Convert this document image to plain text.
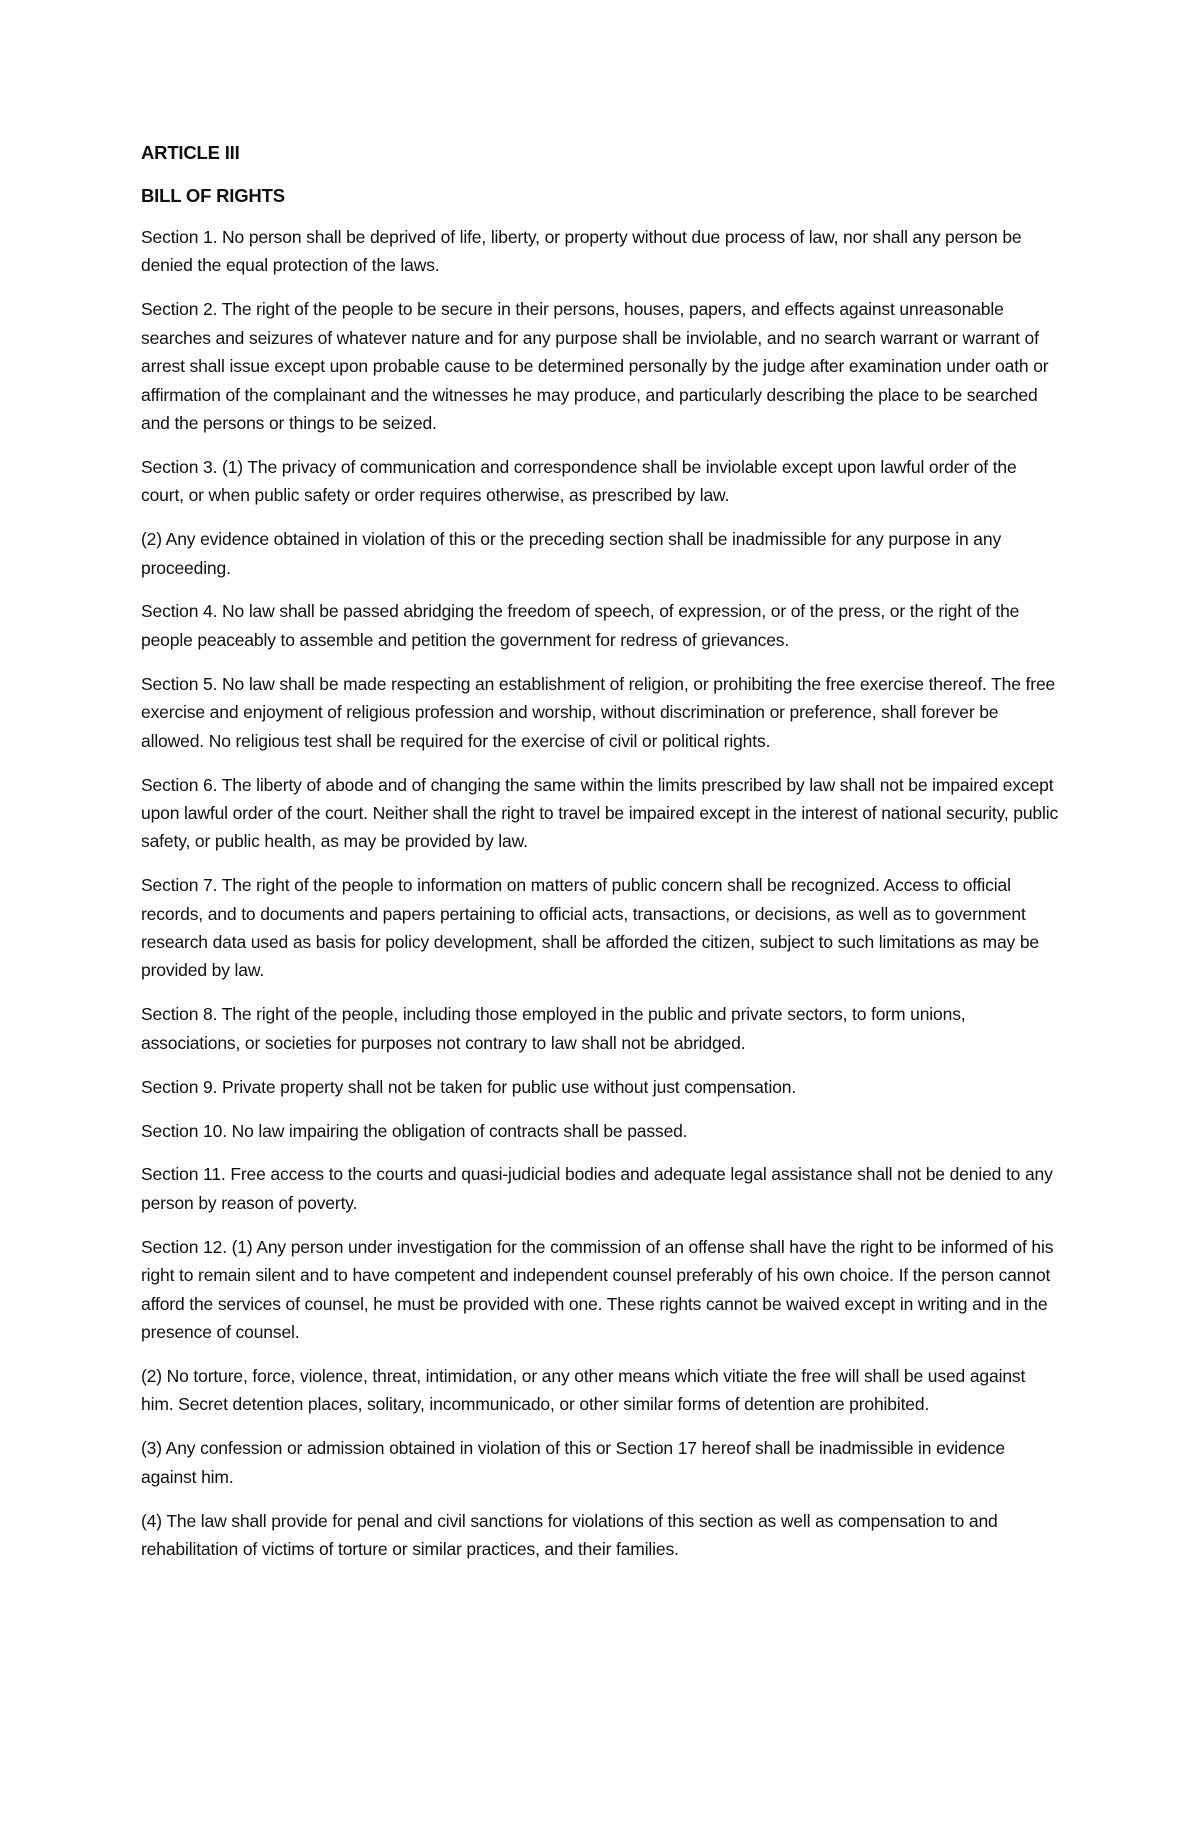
ARTICLE III
BILL OF RIGHTS

Section 1. No person shall be deprived of life, liberty, or property without due process of law, nor shall any person be denied the equal protection of the laws.

Section 2. The right of the people to be secure in their persons, houses, papers, and effects against unreasonable searches and seizures of whatever nature and for any purpose shall be inviolable, and no search warrant or warrant of arrest shall issue except upon probable cause to be determined personally by the judge after examination under oath or affirmation of the complainant and the witnesses he may produce, and particularly describing the place to be searched and the persons or things to be seized.

Section 3. (1) The privacy of communication and correspondence shall be inviolable except upon lawful order of the court, or when public safety or order requires otherwise, as prescribed by law.

(2) Any evidence obtained in violation of this or the preceding section shall be inadmissible for any purpose in any proceeding.

Section 4. No law shall be passed abridging the freedom of speech, of expression, or of the press, or the right of the people peaceably to assemble and petition the government for redress of grievances.

Section 5. No law shall be made respecting an establishment of religion, or prohibiting the free exercise thereof. The free exercise and enjoyment of religious profession and worship, without discrimination or preference, shall forever be allowed. No religious test shall be required for the exercise of civil or political rights.

Section 6. The liberty of abode and of changing the same within the limits prescribed by law shall not be impaired except upon lawful order of the court. Neither shall the right to travel be impaired except in the interest of national security, public safety, or public health, as may be provided by law.

Section 7. The right of the people to information on matters of public concern shall be recognized. Access to official records, and to documents and papers pertaining to official acts, transactions, or decisions, as well as to government research data used as basis for policy development, shall be afforded the citizen, subject to such limitations as may be provided by law.

Section 8. The right of the people, including those employed in the public and private sectors, to form unions, associations, or societies for purposes not contrary to law shall not be abridged.

Section 9. Private property shall not be taken for public use without just compensation.

Section 10. No law impairing the obligation of contracts shall be passed.

Section 11. Free access to the courts and quasi-judicial bodies and adequate legal assistance shall not be denied to any person by reason of poverty.

Section 12. (1) Any person under investigation for the commission of an offense shall have the right to be informed of his right to remain silent and to have competent and independent counsel preferably of his own choice. If the person cannot afford the services of counsel, he must be provided with one. These rights cannot be waived except in writing and in the presence of counsel.

(2) No torture, force, violence, threat, intimidation, or any other means which vitiate the free will shall be used against him. Secret detention places, solitary, incommunicado, or other similar forms of detention are prohibited.

(3) Any confession or admission obtained in violation of this or Section 17 hereof shall be inadmissible in evidence against him.

(4) The law shall provide for penal and civil sanctions for violations of this section as well as compensation to and rehabilitation of victims of torture or similar practices, and their families.
